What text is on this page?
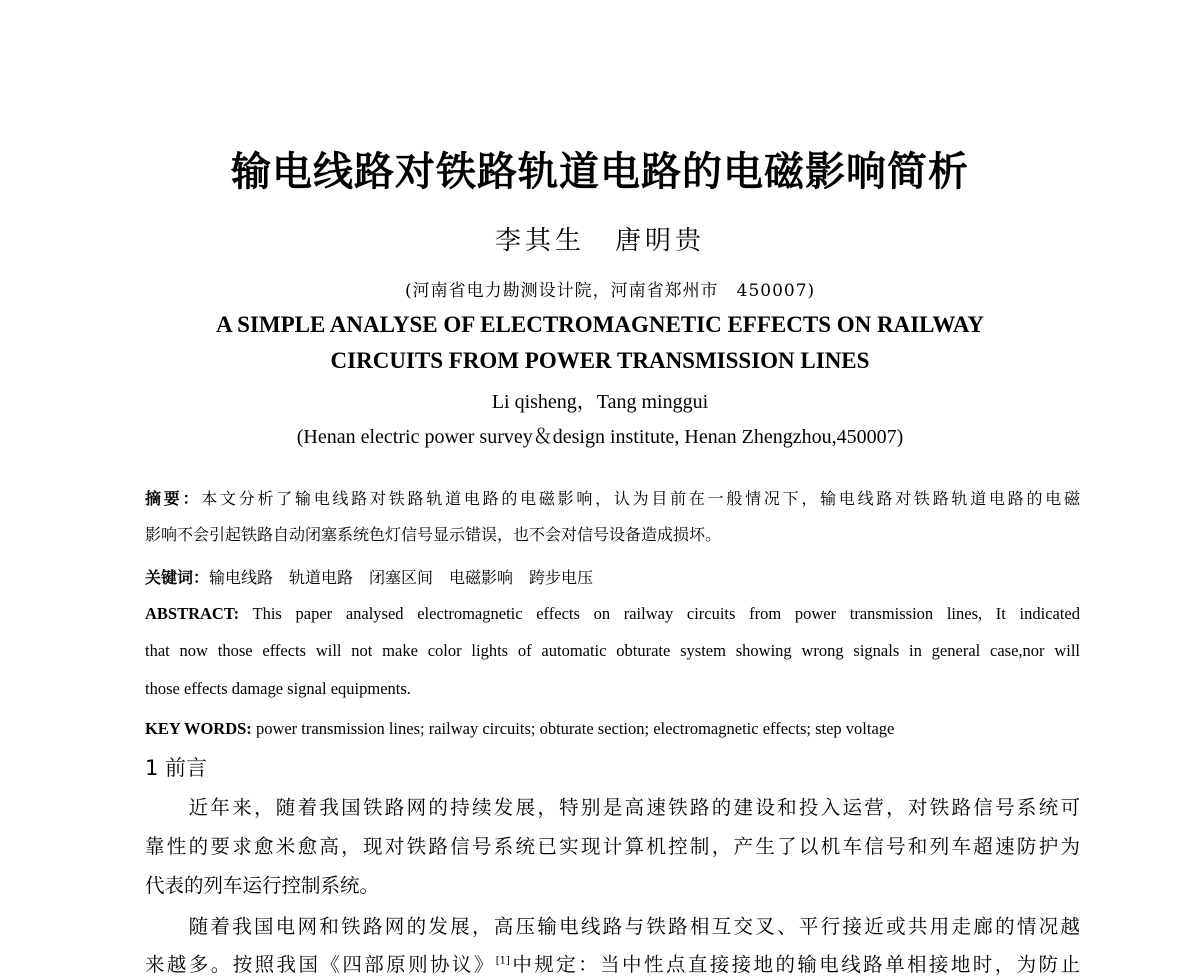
输电线路对铁路轨道电路的电磁影响简析
李其生　唐明贵
(河南省电力勘测设计院，河南省郑州市　450007)
A SIMPLE ANALYSE OF ELECTROMAGNETIC EFFECTS ON RAILWAY
CIRCUITS FROM POWER TRANSMISSION LINES
Li qisheng，Tang minggui
(Henan electric power survey＆design institute, Henan Zhengzhou,450007)
摘要：本文分析了输电线路对铁路轨道电路的电磁影响，认为目前在一般情况下，输电线路对铁路轨道电路的电磁
影响不会引起铁路自动闭塞系统色灯信号显示错误，也不会对信号设备造成损坏。
关键词：输电线路　轨道电路　闭塞区间　电磁影响　跨步电压
ABSTRACT: This paper analysed electromagnetic effects on railway circuits from power transmission lines, It indicated
that now those effects will not make color lights of automatic obturate system showing wrong signals in general case,nor will
those effects damage signal equipments.
KEY WORDS: power transmission lines; railway circuits; obturate section; electromagnetic effects; step voltage
1 前言
　　近年来，随着我国铁路网的持续发展，特别是高速铁路的建设和投入运营，对铁路信号系统可
靠性的要求愈米愈高，现对铁路信号系统已实现计算机控制，产生了以机车信号和列车超速防护为
代表的列车运行控制系统。
　　随着我国电网和铁路网的发展，高压输电线路与铁路相互交叉、平行接近或共用走廊的情况越
来越多。按照我国《四部原则协议》[1]中规定：当中性点直接接地的输电线路单相接地时，为防止
